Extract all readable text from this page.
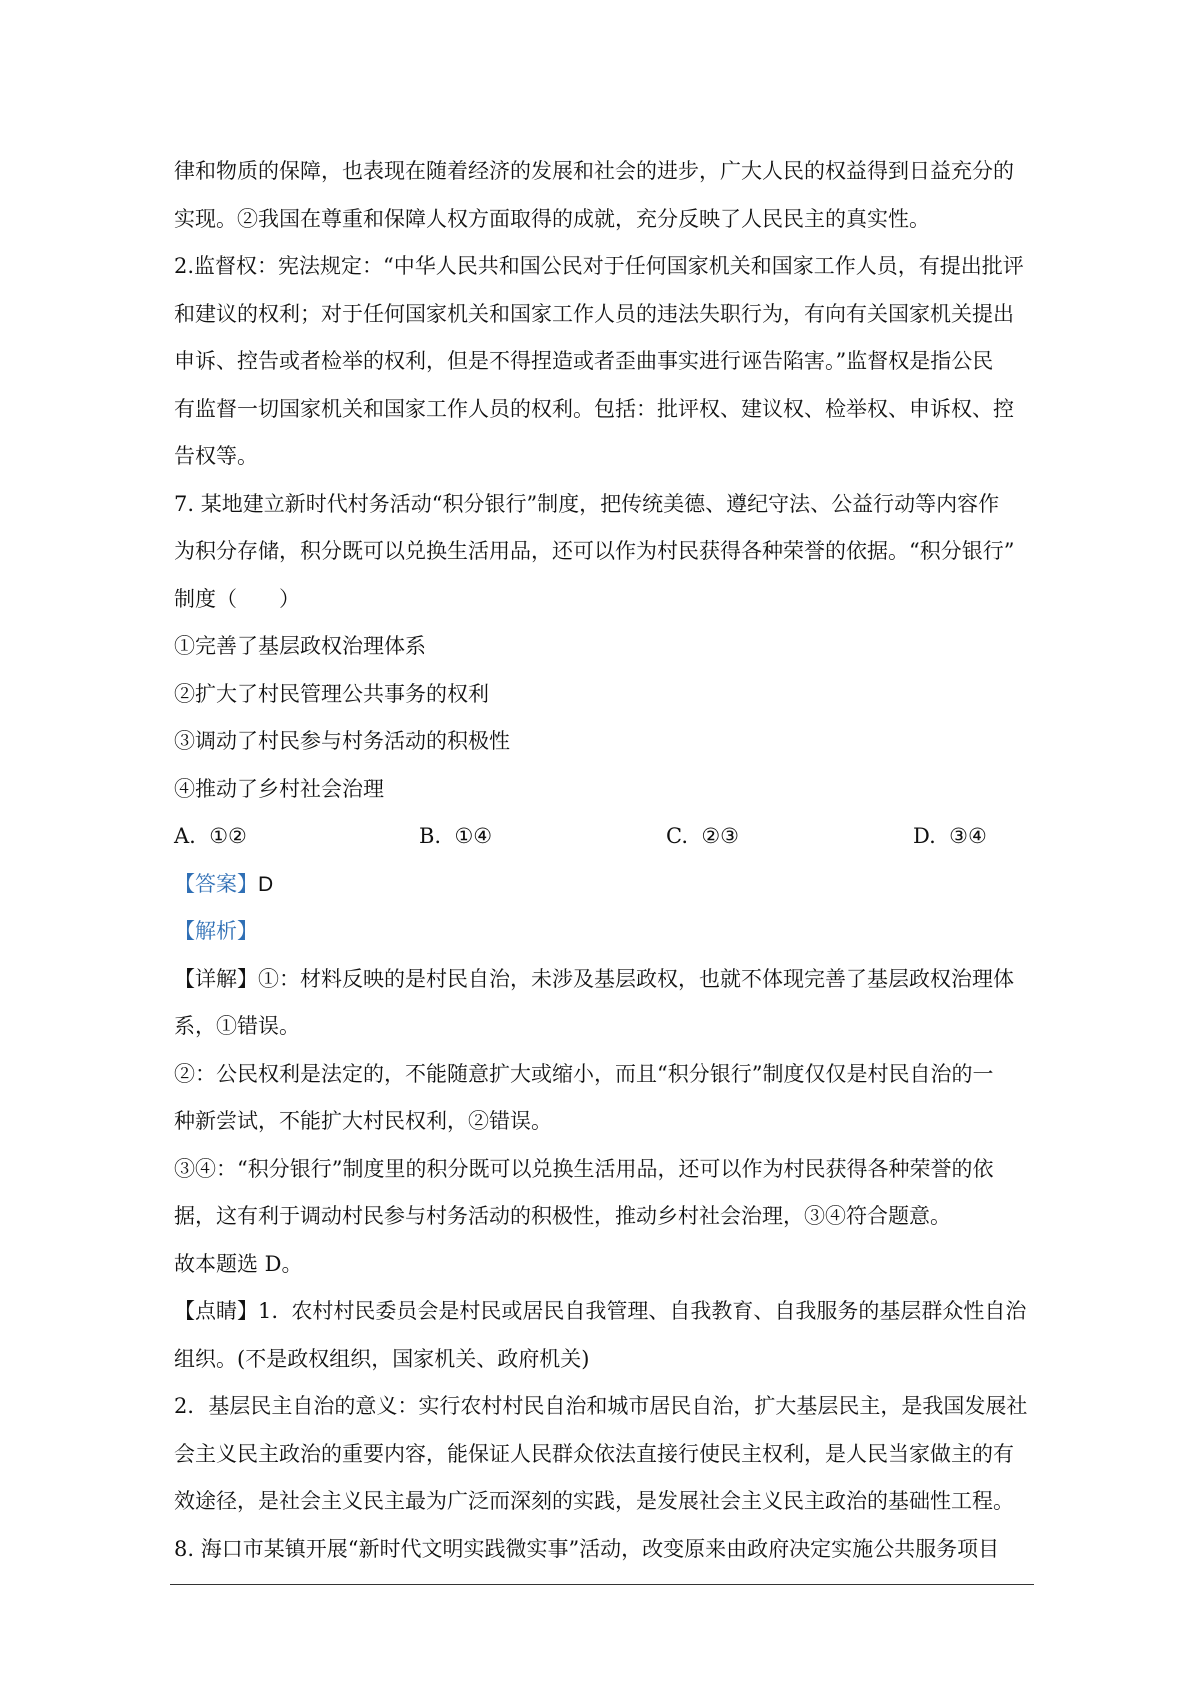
律和物质的保障，也表现在随着经济的发展和社会的进步，广大人民的权益得到日益充分的

实现。②我国在尊重和保障人权方面取得的成就，充分反映了人民民主的真实性。

2.监督权：宪法规定：“中华人民共和国公民对于任何国家机关和国家工作人员，有提出批评

和建议的权利；对于任何国家机关和国家工作人员的违法失职行为，有向有关国家机关提出

申诉、控告或者检举的权利，但是不得捏造或者歪曲事实进行诬告陷害。”监督权是指公民

有监督一切国家机关和国家工作人员的权利。包括：批评权、建议权、检举权、申诉权、控

告权等。

7. 某地建立新时代村务活动“积分银行”制度，把传统美德、遵纪守法、公益行动等内容作

为积分存储，积分既可以兑换生活用品，还可以作为村民获得各种荣誉的依据。“积分银行”

制度（　　）

①完善了基层政权治理体系

②扩大了村民管理公共事务的权利

③调动了村民参与村务活动的积极性

④推动了乡村社会治理

A.  ①②	B.  ①④	C.  ②③	D.  ③④

【答案】D

【解析】

【详解】①：材料反映的是村民自治，未涉及基层政权，也就不体现完善了基层政权治理体

系，①错误。

②：公民权利是法定的，不能随意扩大或缩小，而且“积分银行”制度仅仅是村民自治的一

种新尝试，不能扩大村民权利，②错误。

③④：“积分银行”制度里的积分既可以兑换生活用品，还可以作为村民获得各种荣誉的依

据，这有利于调动村民参与村务活动的积极性，推动乡村社会治理，③④符合题意。

故本题选 D。

【点睛】1.  农村村民委员会是村民或居民自我管理、自我教育、自我服务的基层群众性自治

组织。(不是政权组织，国家机关、政府机关)

2．基层民主自治的意义：实行农村村民自治和城市居民自治，扩大基层民主，是我国发展社

会主义民主政治的重要内容，能保证人民群众依法直接行使民主权利，是人民当家做主的有

效途径，是社会主义民主最为广泛而深刻的实践，是发展社会主义民主政治的基础性工程。

8. 海口市某镇开展“新时代文明实践微实事”活动，改变原来由政府决定实施公共服务项目
